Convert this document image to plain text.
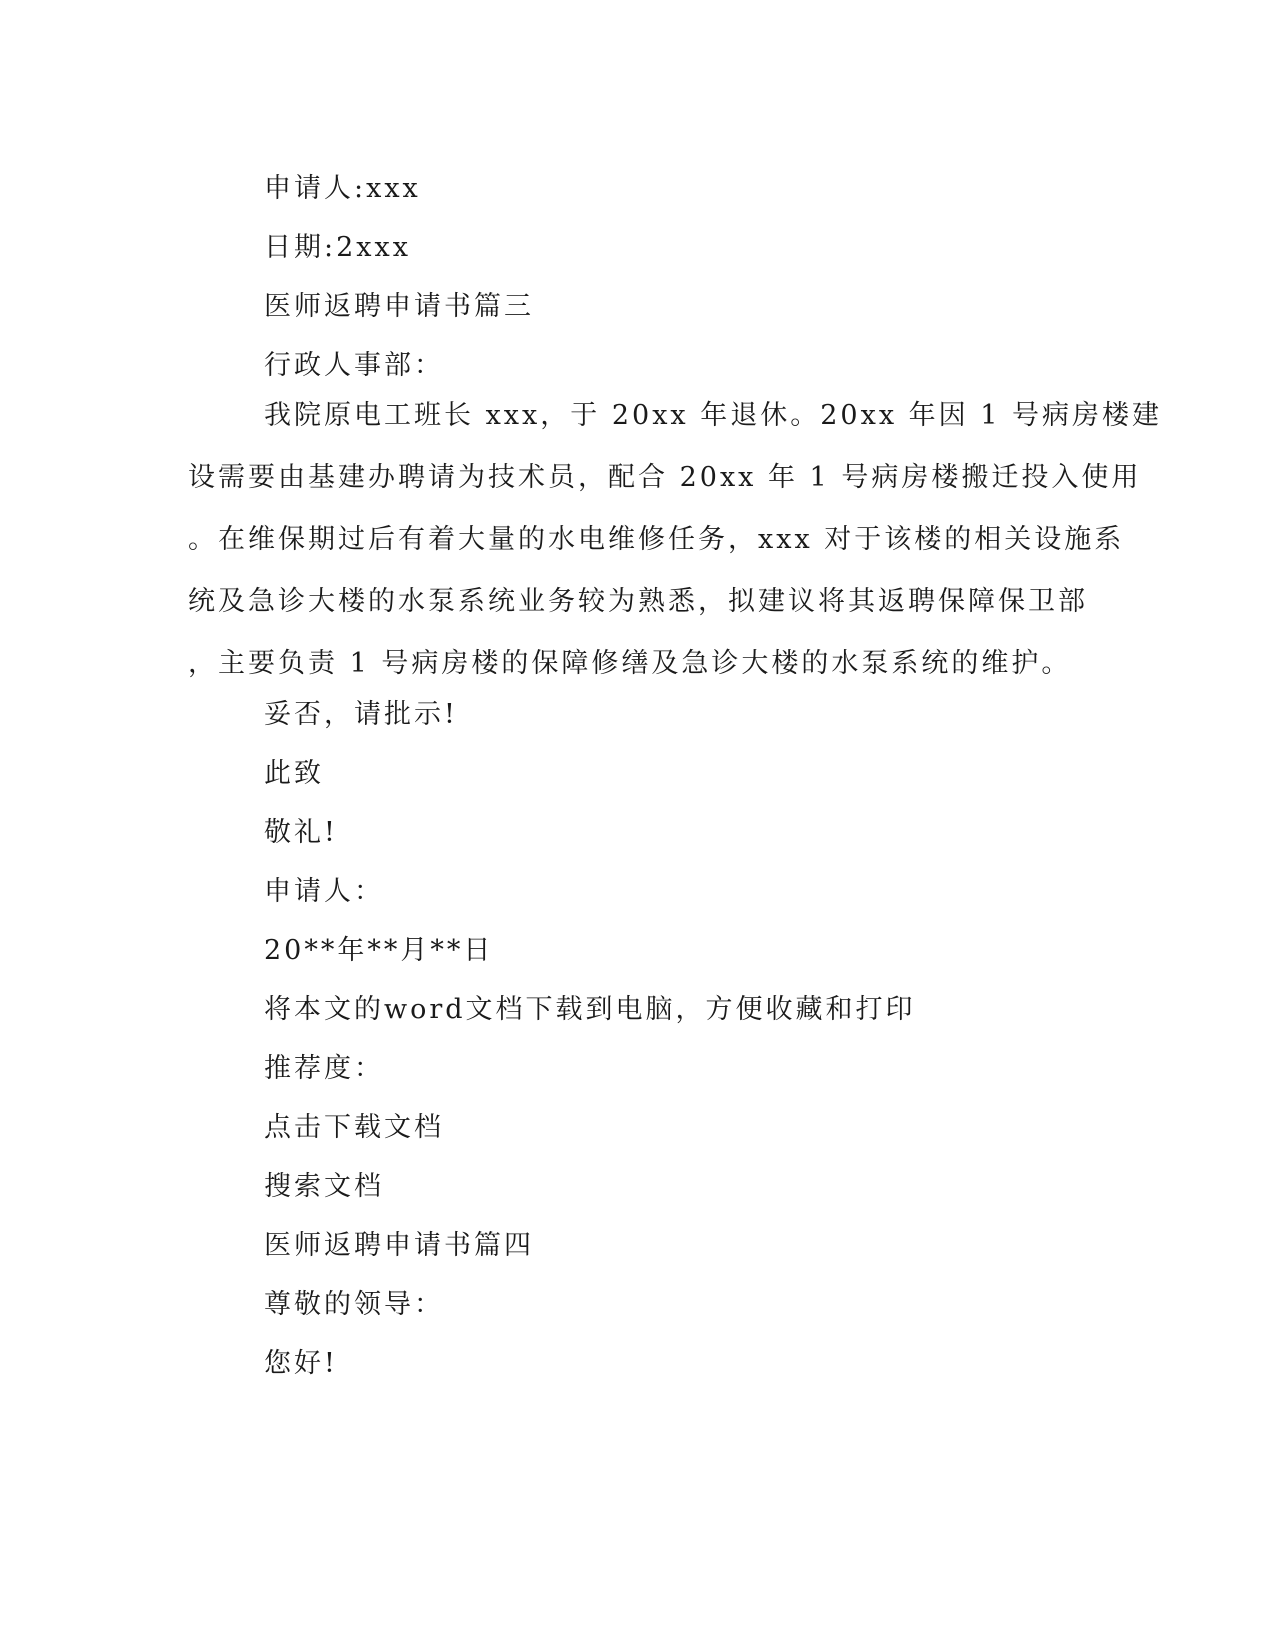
申请人:xxx
日期:2xxx
医师返聘申请书篇三
行政人事部：
我院原电工班长 xxx，于 20xx 年退休。20xx 年因 1 号病房楼建
设需要由基建办聘请为技术员，配合 20xx 年 1 号病房楼搬迁投入使用
。在维保期过后有着大量的水电维修任务，xxx 对于该楼的相关设施系
统及急诊大楼的水泵系统业务较为熟悉，拟建议将其返聘保障保卫部
，主要负责 1 号病房楼的保障修缮及急诊大楼的水泵系统的维护。
妥否，请批示!
此致
敬礼!
申请人：
20**年**月**日
将本文的word文档下载到电脑，方便收藏和打印
推荐度：
点击下载文档
搜索文档
医师返聘申请书篇四
尊敬的领导：
您好!
